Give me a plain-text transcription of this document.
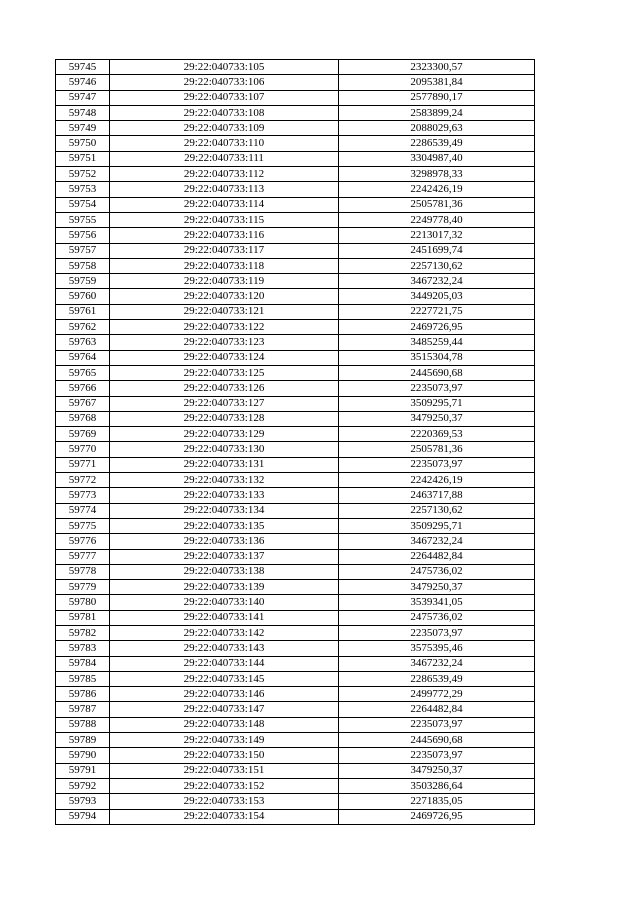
59745	29:22:040733:105	2323300,57
59746	29:22:040733:106	2095381,84
59747	29:22:040733:107	2577890,17
59748	29:22:040733:108	2583899,24
59749	29:22:040733:109	2088029,63
59750	29:22:040733:110	2286539,49
59751	29:22:040733:111	3304987,40
59752	29:22:040733:112	3298978,33
59753	29:22:040733:113	2242426,19
59754	29:22:040733:114	2505781,36
59755	29:22:040733:115	2249778,40
59756	29:22:040733:116	2213017,32
59757	29:22:040733:117	2451699,74
59758	29:22:040733:118	2257130,62
59759	29:22:040733:119	3467232,24
59760	29:22:040733:120	3449205,03
59761	29:22:040733:121	2227721,75
59762	29:22:040733:122	2469726,95
59763	29:22:040733:123	3485259,44
59764	29:22:040733:124	3515304,78
59765	29:22:040733:125	2445690,68
59766	29:22:040733:126	2235073,97
59767	29:22:040733:127	3509295,71
59768	29:22:040733:128	3479250,37
59769	29:22:040733:129	2220369,53
59770	29:22:040733:130	2505781,36
59771	29:22:040733:131	2235073,97
59772	29:22:040733:132	2242426,19
59773	29:22:040733:133	2463717,88
59774	29:22:040733:134	2257130,62
59775	29:22:040733:135	3509295,71
59776	29:22:040733:136	3467232,24
59777	29:22:040733:137	2264482,84
59778	29:22:040733:138	2475736,02
59779	29:22:040733:139	3479250,37
59780	29:22:040733:140	3539341,05
59781	29:22:040733:141	2475736,02
59782	29:22:040733:142	2235073,97
59783	29:22:040733:143	3575395,46
59784	29:22:040733:144	3467232,24
59785	29:22:040733:145	2286539,49
59786	29:22:040733:146	2499772,29
59787	29:22:040733:147	2264482,84
59788	29:22:040733:148	2235073,97
59789	29:22:040733:149	2445690,68
59790	29:22:040733:150	2235073,97
59791	29:22:040733:151	3479250,37
59792	29:22:040733:152	3503286,64
59793	29:22:040733:153	2271835,05
59794	29:22:040733:154	2469726,95
